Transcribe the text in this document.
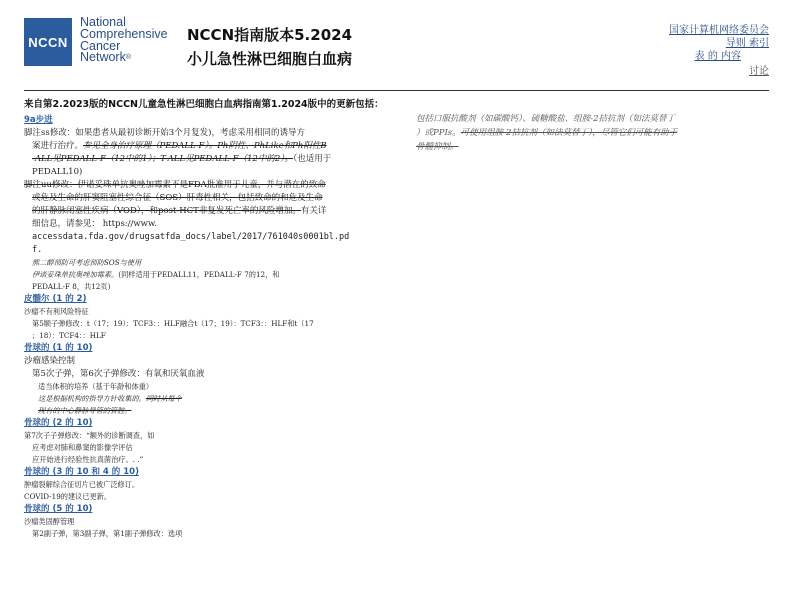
NCCN
National
Comprehensive
Cancer
Network®
NCCN指南版本5.2024
小儿急性淋巴细胞白血病
国家计算机网络委员会
导则 索引
表 的 内容
讨论
来自第2.2023版的NCCN儿童急性淋巴细胞白血病指南第1.2024版中的更新包括：
9a步进

脚注ss修改：如果患者从最初诊断开始3个月复发)，考虑采用相同的诱导方

案进行治疗。参见全身治疗原理（PEDALL-F）。Ph阴性、PhLike和Ph阳性B

-ALL见PEDALL-F（12中的1）；T-ALL见PEDALL-F（12中的2）。（也适用于

PEDALL10)

脚注uu修改：伊诺妥珠单抗奥唑加霉素不是FDA批准用于儿童，并与潜在的致命

或危及生命的肝窦阻塞性综合征（SOS）肝毒性相关，包括致命的和危及生命

的肝静脉闭塞性疾病（VOD），和post-HCT非复发死亡率的风险增加。有关详

细信息，请参见： https://www.

accessdata.fda.gov/drugsatfda_docs/label/2017/761040s0001bl.pd

f.

熊二醇预防可考虑预防SOS与使用

伊诺妥珠单抗奥唑加霉素。(同样适用于PEDALL11，PEDALL-F 7的12，和

PEDALL-F 8，共12页)

皮髓尔 (1 的 2)

沙瘤不有利风险特征

第5顺子弹修改：t（17；19）：TCF3：：HLF融合t（17；19）：TCF3：：HLF和t（17

；18）：TCF4：：HLF

骨球的 (1 的 10)

沙瘤感染控制

第5次子弹，第6次子弹修改：有氧和厌氧血液

适当体积的培养（基于年龄和体重）

这是根据机构的指导方针收集的。同时从每个

现有的中心静脉导管的管腔。

骨球的 (2 的 10)

第7次子子弹修改：“额外的诊断调查，如

应考虑对肺和鼻窦的影像学评估

应开始进行经验性抗真菌治疗。. .”

骨球的 (3 的 10 和 4 的 10)

肿瘤裂解综合征切片已被广泛修订。

COVID-19的建议已更新。

骨球的 (5 的 10)

沙瘤类固醇管理

第2副子弹，第3副子弹，第1副子弹修改：选项

包括口服抗酸剂（如碳酸钙）、硫糖酸盐、组胺-2拮抗剂（如法莫替丁

）或PPIs。可使用组胺-2拮抗剂（如法莫替丁），尽管它们可能有助于

骨髓抑制。
